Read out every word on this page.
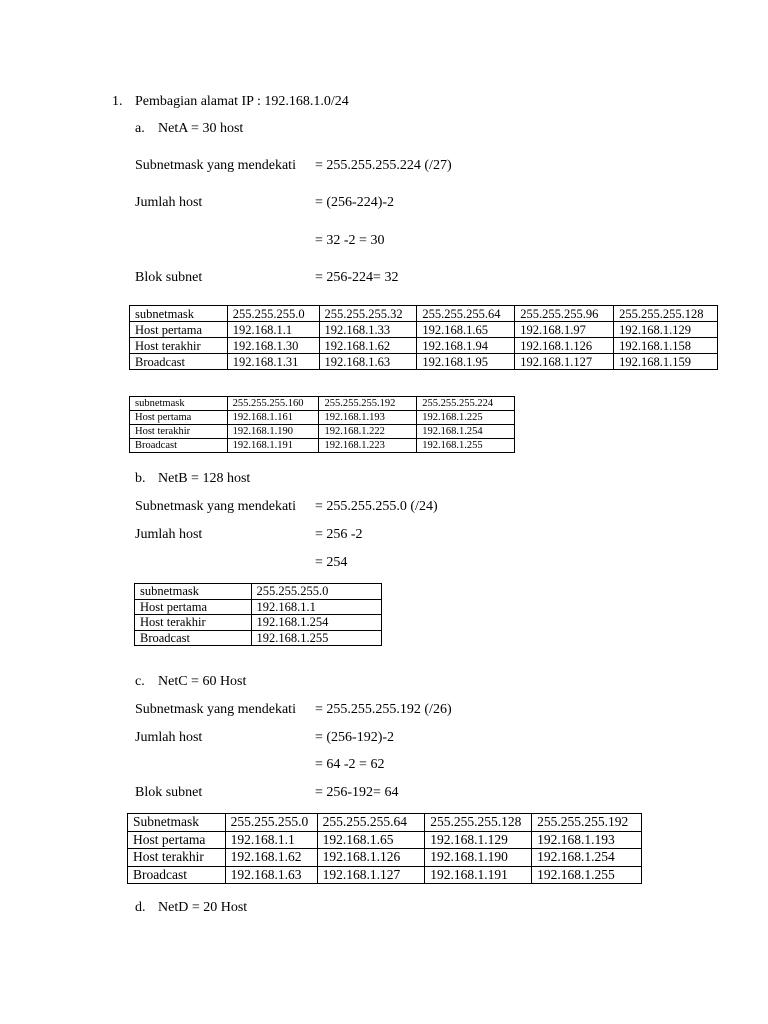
1. Pembagian alamat IP : 192.168.1.0/24
a. NetA = 30 host
Subnetmask yang mendekati = 255.255.255.224 (/27)
Jumlah host	= (256-224)-2
= 32 -2 = 30
Blok subnet	= 256-224= 32
subnetmask	255.255.255.0	255.255.255.32	255.255.255.64	255.255.255.96	255.255.255.128
Host pertama	192.168.1.1	192.168.1.33	192.168.1.65	192.168.1.97	192.168.1.129
Host terakhir	192.168.1.30	192.168.1.62	192.168.1.94	192.168.1.126	192.168.1.158
Broadcast	192.168.1.31	192.168.1.63	192.168.1.95	192.168.1.127	192.168.1.159
subnetmask	255.255.255.160	255.255.255.192	255.255.255.224
Host pertama	192.168.1.161	192.168.1.193	192.168.1.225
Host terakhir	192.168.1.190	192.168.1.222	192.168.1.254
Broadcast	192.168.1.191	192.168.1.223	192.168.1.255
b. NetB = 128 host
Subnetmask yang mendekati = 255.255.255.0 (/24)
Jumlah host	= 256 -2
= 254
subnetmask	255.255.255.0
Host pertama	192.168.1.1
Host terakhir	192.168.1.254
Broadcast	192.168.1.255
c. NetC = 60 Host
Subnetmask yang mendekati = 255.255.255.192 (/26)
Jumlah host	= (256-192)-2
= 64 -2 = 62
Blok subnet	= 256-192= 64
Subnetmask	255.255.255.0	255.255.255.64	255.255.255.128	255.255.255.192
Host pertama	192.168.1.1	192.168.1.65	192.168.1.129	192.168.1.193
Host terakhir	192.168.1.62	192.168.1.126	192.168.1.190	192.168.1.254
Broadcast	192.168.1.63	192.168.1.127	192.168.1.191	192.168.1.255
d. NetD = 20 Host
